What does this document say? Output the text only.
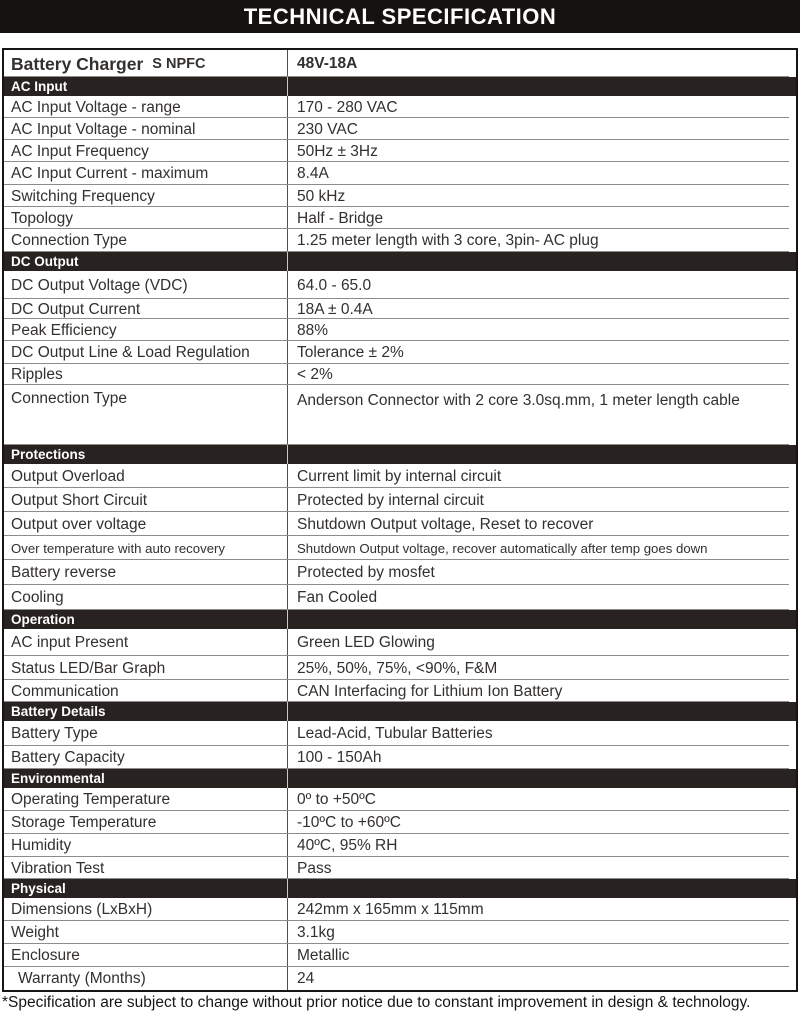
TECHNICAL SPECIFICATION
Battery Charger S NPFC	48V-18A
AC Input
AC Input Voltage - range	170 - 280 VAC
AC Input Voltage - nominal	230 VAC
AC Input Frequency	50Hz ± 3Hz
AC Input Current - maximum	8.4A
Switching Frequency	50 kHz
Topology	Half - Bridge
Connection Type	1.25 meter length with 3 core, 3pin- AC plug
DC Output
DC Output Voltage (VDC)	64.0 - 65.0
DC Output Current	18A ± 0.4A
Peak Efficiency	88%
DC Output Line & Load Regulation	Tolerance ± 2%
Ripples	< 2%
Connection Type	Anderson Connector with 2 core 3.0sq.mm, 1 meter length cable
Protections
Output Overload	Current limit by internal circuit
Output Short Circuit	Protected by internal circuit
Output over voltage	Shutdown Output voltage, Reset to recover
Over temperature with auto recovery	Shutdown Output voltage, recover automatically after temp goes down
Battery reverse	Protected by mosfet
Cooling	Fan Cooled
Operation
AC input Present	Green LED Glowing
Status LED/Bar Graph	25%, 50%, 75%, <90%, F&M
Communication	CAN Interfacing for Lithium Ion Battery
Battery Details
Battery Type	Lead-Acid, Tubular Batteries
Battery Capacity	100 - 150Ah
Environmental
Operating Temperature	0º to +50ºC
Storage Temperature	-10ºC to +60ºC
Humidity	40ºC, 95% RH
Vibration Test	Pass
Physical
Dimensions (LxBxH)	242mm x 165mm x 115mm
Weight	3.1kg
Enclosure	Metallic
Warranty (Months)	24
*Specification are subject to change without prior notice due to constant improvement in design & technology.
